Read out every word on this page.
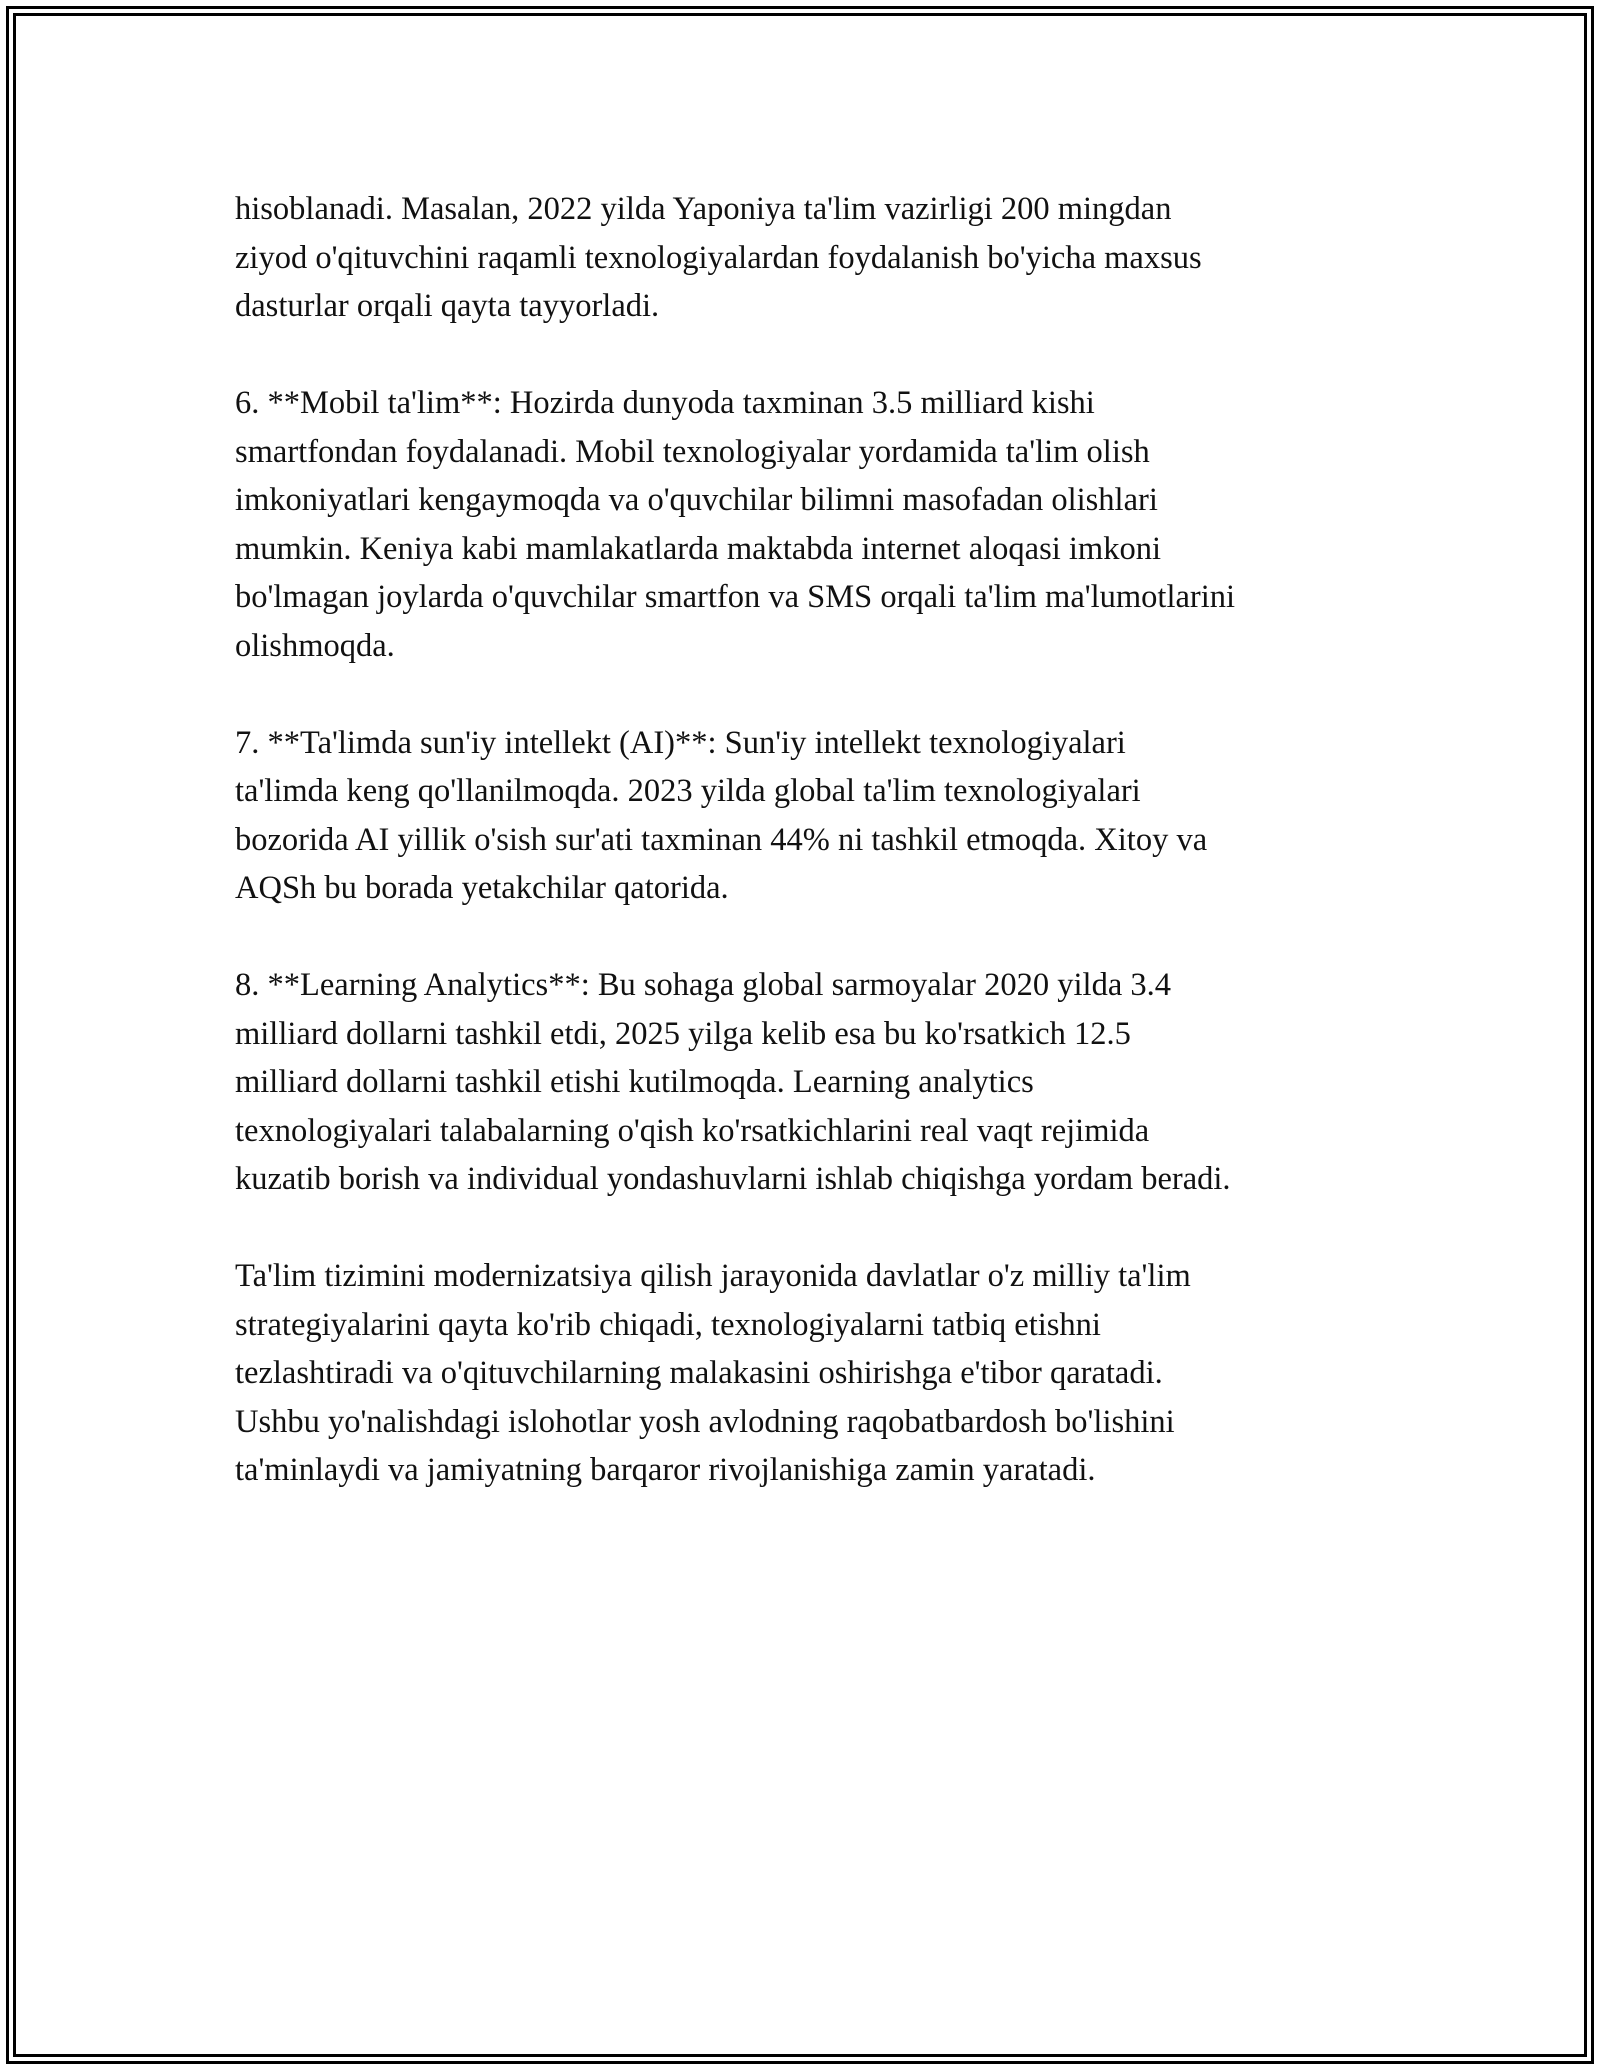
hisoblanadi. Masalan, 2022 yilda Yaponiya ta'lim vazirligi 200 mingdan
ziyod o'qituvchini raqamli texnologiyalardan foydalanish bo'yicha maxsus
dasturlar orqali qayta tayyorladi.

6. **Mobil ta'lim**: Hozirda dunyoda taxminan 3.5 milliard kishi
smartfondan foydalanadi. Mobil texnologiyalar yordamida ta'lim olish
imkoniyatlari kengaymoqda va o'quvchilar bilimni masofadan olishlari
mumkin. Keniya kabi mamlakatlarda maktabda internet aloqasi imkoni
bo'lmagan joylarda o'quvchilar smartfon va SMS orqali ta'lim ma'lumotlarini
olishmoqda.

7. **Ta'limda sun'iy intellekt (AI)**: Sun'iy intellekt texnologiyalari
ta'limda keng qo'llanilmoqda. 2023 yilda global ta'lim texnologiyalari
bozorida AI yillik o'sish sur'ati taxminan 44% ni tashkil etmoqda. Xitoy va
AQSh bu borada yetakchilar qatorida.

8. **Learning Analytics**: Bu sohaga global sarmoyalar 2020 yilda 3.4
milliard dollarni tashkil etdi, 2025 yilga kelib esa bu ko'rsatkich 12.5
milliard dollarni tashkil etishi kutilmoqda. Learning analytics
texnologiyalari talabalarning o'qish ko'rsatkichlarini real vaqt rejimida
kuzatib borish va individual yondashuvlarni ishlab chiqishga yordam beradi.

Ta'lim tizimini modernizatsiya qilish jarayonida davlatlar o'z milliy ta'lim
strategiyalarini qayta ko'rib chiqadi, texnologiyalarni tatbiq etishni
tezlashtiradi va o'qituvchilarning malakasini oshirishga e'tibor qaratadi.
Ushbu yo'nalishdagi islohotlar yosh avlodning raqobatbardosh bo'lishini
ta'minlaydi va jamiyatning barqaror rivojlanishiga zamin yaratadi.
